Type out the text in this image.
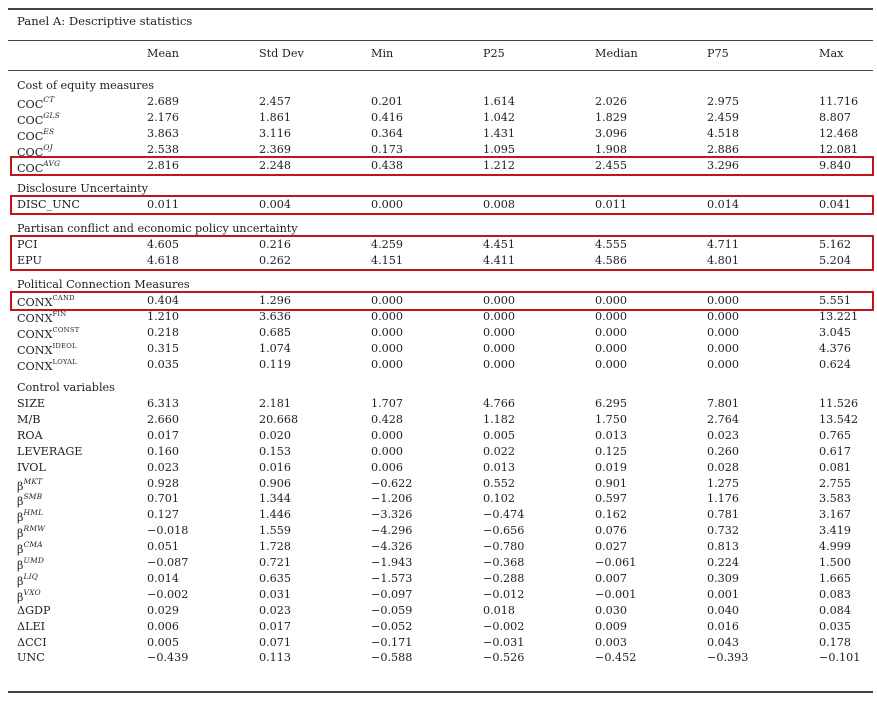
Panel A: Descriptive statistics
Mean	Std Dev	Min	P25	Median	P75	Max
Cost of equity measures
$COC^{CT}$	2.689	2.457	0.201	1.614	2.026	2.975	11.716
$COC^{GLS}$	2.176	1.861	0.416	1.042	1.829	2.459	8.807
$COC^{ES}$	3.863	3.116	0.364	1.431	3.096	4.518	12.468
$COC^{OJ}$	2.538	2.369	0.173	1.095	1.908	2.886	12.081
$COC^{AVG}$	2.816	2.248	0.438	1.212	2.455	3.296	9.840
Disclosure Uncertainty
DISC_UNC	0.011	0.004	0.000	0.008	0.011	0.014	0.041
Partisan conflict and economic policy uncertainty
PCI	4.605	0.216	4.259	4.451	4.555	4.711	5.162
EPU	4.618	0.262	4.151	4.411	4.586	4.801	5.204
Political Connection Measures
$CONX^{CAND}$	0.404	1.296	0.000	0.000	0.000	0.000	5.551
$CONX^{FIN}$	1.210	3.636	0.000	0.000	0.000	0.000	13.221
$CONX^{CONST}$	0.218	0.685	0.000	0.000	0.000	0.000	3.045
$CONX^{IDEOL}$	0.315	1.074	0.000	0.000	0.000	0.000	4.376
$CONX^{LOYAL}$	0.035	0.119	0.000	0.000	0.000	0.000	0.624
Control variables
SIZE	6.313	2.181	1.707	4.766	6.295	7.801	11.526
M/B	2.660	20.668	0.428	1.182	1.750	2.764	13.542
ROA	0.017	0.020	0.000	0.005	0.013	0.023	0.765
LEVERAGE	0.160	0.153	0.000	0.022	0.125	0.260	0.617
IVOL	0.023	0.016	0.006	0.013	0.019	0.028	0.081
$\beta^{MKT}$	0.928	0.906	−0.622	0.552	0.901	1.275	2.755
$\beta^{SMB}$	0.701	1.344	−1.206	0.102	0.597	1.176	3.583
$\beta^{HML}$	0.127	1.446	−3.326	−0.474	0.162	0.781	3.167
$\beta^{RMW}$	−0.018	1.559	−4.296	−0.656	0.076	0.732	3.419
$\beta^{CMA}$	0.051	1.728	−4.326	−0.780	0.027	0.813	4.999
$\beta^{UMD}$	−0.087	0.721	−1.943	−0.368	−0.061	0.224	1.500
$\beta^{LIQ}$	0.014	0.635	−1.573	−0.288	0.007	0.309	1.665
$\beta^{VXO}$	−0.002	0.031	−0.097	−0.012	−0.001	0.001	0.083
ΔGDP	0.029	0.023	−0.059	0.018	0.030	0.040	0.084
ΔLEI	0.006	0.017	−0.052	−0.002	0.009	0.016	0.035
ΔCCI	0.005	0.071	−0.171	−0.031	0.003	0.043	0.178
UNC	−0.439	0.113	−0.588	−0.526	−0.452	−0.393	−0.101
